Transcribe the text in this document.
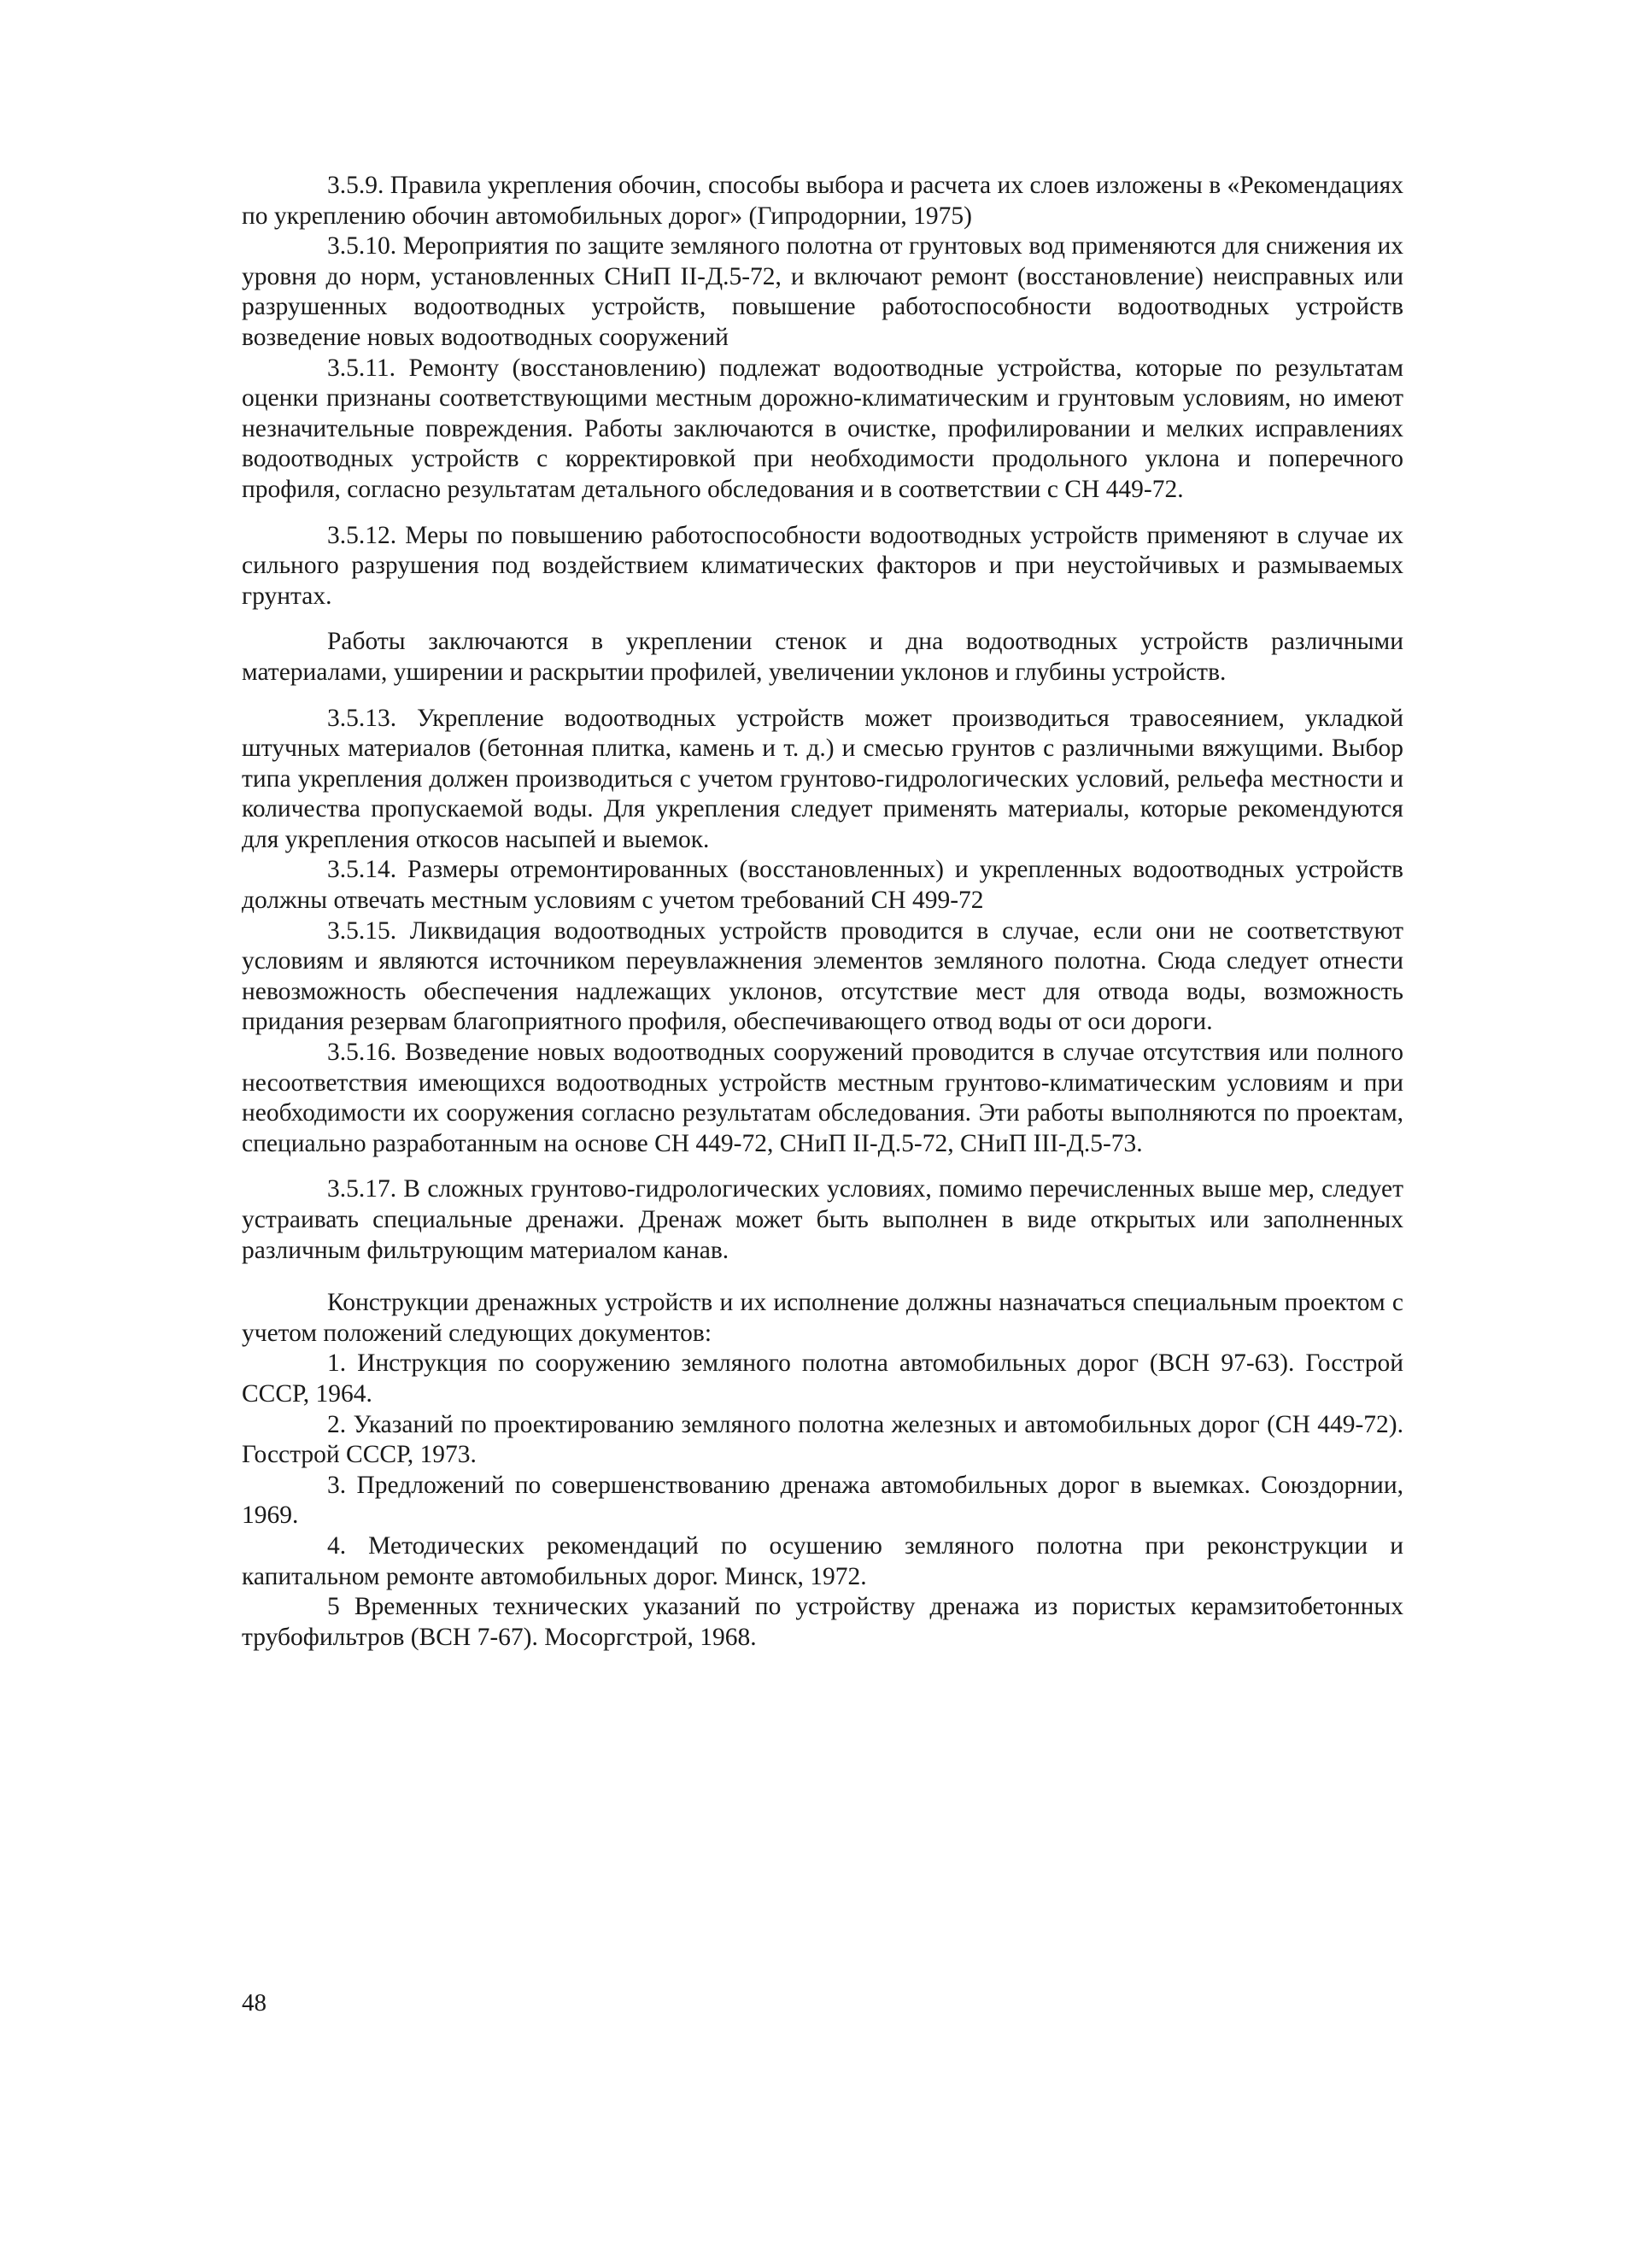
3.5.9. Правила укрепления обочин, способы выбора и расчета их слоев изложены в «Рекомендациях по укреплению обочин автомобильных дорог» (Гипродорнии, 1975)

3.5.10. Мероприятия по защите земляного полотна от грунтовых вод применяются для снижения их уровня до норм, установленных СНиП II-Д.5-72, и включают ремонт (восстановление) неисправных или разрушенных водоотводных устройств, повышение работоспособности водоотводных устройств возведение новых водоотводных сооружений

3.5.11. Ремонту (восстановлению) подлежат водоотводные устройства, которые по результатам оценки признаны соответствующими местным дорожно-климатическим и грунтовым условиям, но имеют незначительные повреждения. Работы заключаются в очистке, профилировании и мелких исправлениях водоотводных устройств с корректировкой при необходимости продольного уклона и поперечного профиля, согласно результатам детального обследования и в соответствии с СН 449-72.

3.5.12. Меры по повышению работоспособности водоотводных устройств применяют в случае их сильного разрушения под воздействием климатических факторов и при неустойчивых и размываемых грунтах.

Работы заключаются в укреплении стенок и дна водоотводных устройств различными материалами, уширении и раскрытии профилей, увеличении уклонов и глубины устройств.

3.5.13. Укрепление водоотводных устройств может производиться травосеянием, укладкой штучных материалов (бетонная плитка, камень и т. д.) и смесью грунтов с различными вяжущими. Выбор типа укрепления должен производиться с учетом грунтово-гидрологических условий, рельефа местности и количества пропускаемой воды. Для укрепления следует применять материалы, которые рекомендуются для укрепления откосов насыпей и выемок.

3.5.14. Размеры отремонтированных (восстановленных) и укрепленных водоотводных устройств должны отвечать местным условиям с учетом требований СН 499-72

3.5.15. Ликвидация водоотводных устройств проводится в случае, если они не соответствуют условиям и являются источником переувлажнения элементов земляного полотна. Сюда следует отнести невозможность обеспечения надлежащих уклонов, отсутствие мест для отвода воды, возможность придания резервам благоприятного профиля, обеспечивающего отвод воды от оси дороги.

3.5.16. Возведение новых водоотводных сооружений проводится в случае отсутствия или полного несоответствия имеющихся водоотводных устройств местным грунтово-климатическим условиям и при необходимости их сооружения согласно результатам обследования. Эти работы выполняются по проектам, специально разработанным на основе СН 449-72, СНиП II-Д.5-72, СНиП III-Д.5-73.

3.5.17. В сложных грунтово-гидрологических условиях, помимо перечисленных выше мер, следует устраивать специальные дренажи. Дренаж может быть выполнен в виде открытых или заполненных различным фильтрующим материалом канав.

Конструкции дренажных устройств и их исполнение должны назначаться специальным проектом с учетом положений следующих документов:

1. Инструкция по сооружению земляного полотна автомобильных дорог (ВСН 97-63). Госстрой СССР, 1964.

2. Указаний по проектированию земляного полотна железных и автомобильных дорог (СН 449-72). Госстрой СССР, 1973.

3. Предложений по совершенствованию дренажа автомобильных дорог в выемках. Союздорнии, 1969.

4. Методических рекомендаций по осушению земляного полотна при реконструкции и капитальном ремонте автомобильных дорог. Минск, 1972.

5 Временных технических указаний по устройству дренажа из пористых керамзитобетонных трубофильтров (ВСН 7-67). Мосоргстрой, 1968.

48
